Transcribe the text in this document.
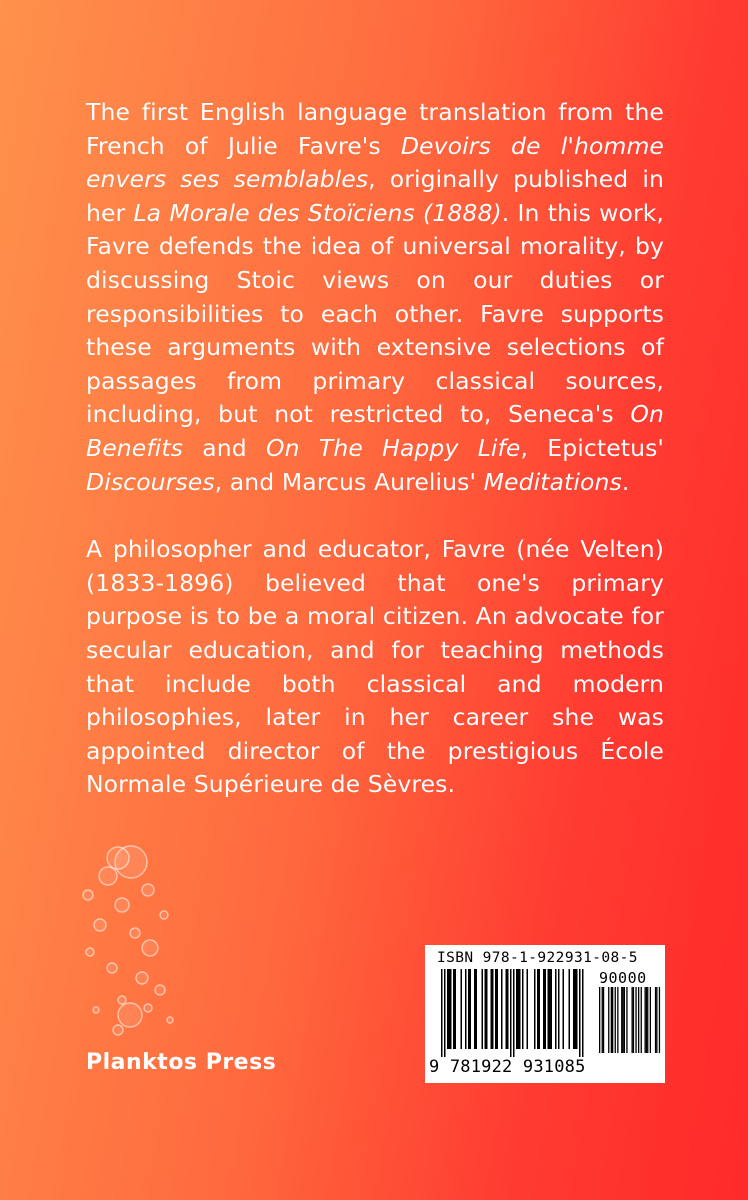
The first English language translation from the French of Julie Favre's Devoirs de l'homme envers ses semblables, originally published in her La Morale des Stoïciens (1888). In this work, Favre defends the idea of universal morality, by discussing Stoic views on our duties or responsibilities to each other. Favre supports these arguments with extensive selections of passages from primary classical sources, including, but not restricted to, Seneca's On Benefits and On The Happy Life, Epictetus' Discourses, and Marcus Aurelius' Meditations.

A philosopher and educator, Favre (née Velten) (1833-1896) believed that one's primary purpose is to be a moral citizen. An advocate for secular education, and for teaching methods that include both classical and modern philosophies, later in her career she was appointed director of the prestigious École Normale Supérieure de Sèvres.

Planktos Press
ISBN 978-1-922931-08-5
90000
9 781922 931085
